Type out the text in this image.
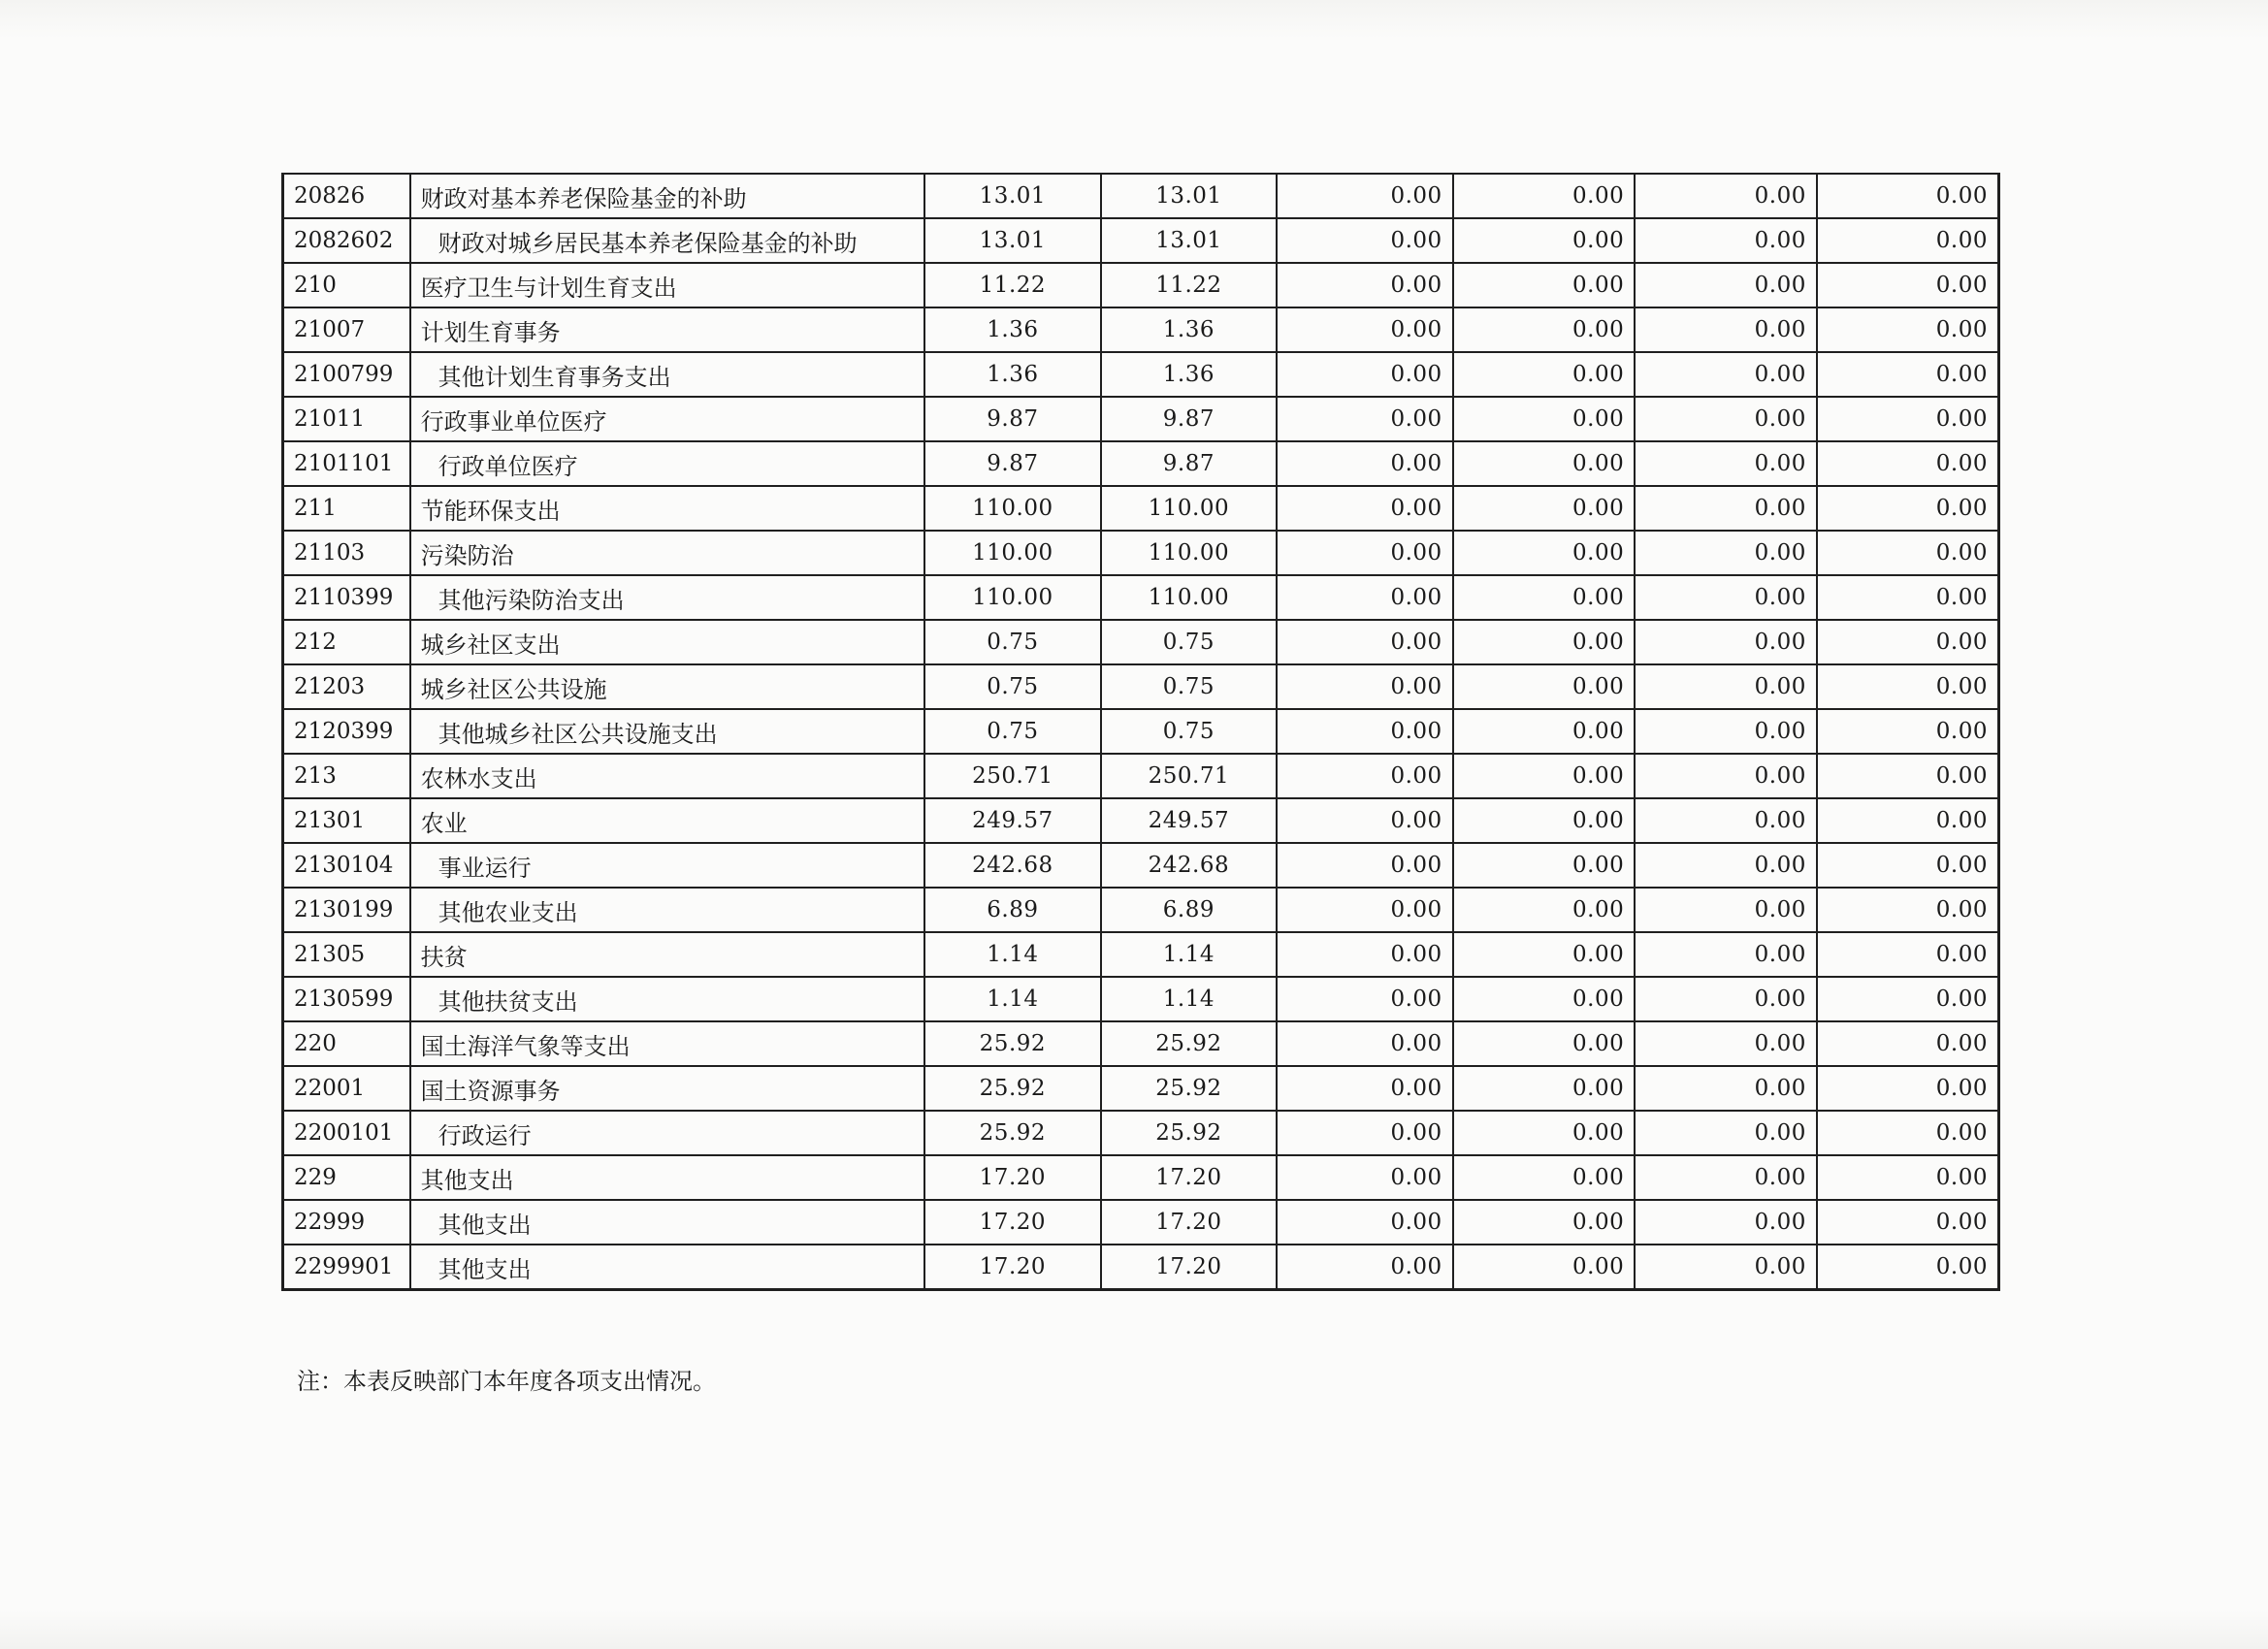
20826	财政对基本养老保险基金的补助	13.01	13.01	0.00	0.00	0.00	0.00
2082602	财政对城乡居民基本养老保险基金的补助	13.01	13.01	0.00	0.00	0.00	0.00
210	医疗卫生与计划生育支出	11.22	11.22	0.00	0.00	0.00	0.00
21007	计划生育事务	1.36	1.36	0.00	0.00	0.00	0.00
2100799	其他计划生育事务支出	1.36	1.36	0.00	0.00	0.00	0.00
21011	行政事业单位医疗	9.87	9.87	0.00	0.00	0.00	0.00
2101101	行政单位医疗	9.87	9.87	0.00	0.00	0.00	0.00
211	节能环保支出	110.00	110.00	0.00	0.00	0.00	0.00
21103	污染防治	110.00	110.00	0.00	0.00	0.00	0.00
2110399	其他污染防治支出	110.00	110.00	0.00	0.00	0.00	0.00
212	城乡社区支出	0.75	0.75	0.00	0.00	0.00	0.00
21203	城乡社区公共设施	0.75	0.75	0.00	0.00	0.00	0.00
2120399	其他城乡社区公共设施支出	0.75	0.75	0.00	0.00	0.00	0.00
213	农林水支出	250.71	250.71	0.00	0.00	0.00	0.00
21301	农业	249.57	249.57	0.00	0.00	0.00	0.00
2130104	事业运行	242.68	242.68	0.00	0.00	0.00	0.00
2130199	其他农业支出	6.89	6.89	0.00	0.00	0.00	0.00
21305	扶贫	1.14	1.14	0.00	0.00	0.00	0.00
2130599	其他扶贫支出	1.14	1.14	0.00	0.00	0.00	0.00
220	国土海洋气象等支出	25.92	25.92	0.00	0.00	0.00	0.00
22001	国土资源事务	25.92	25.92	0.00	0.00	0.00	0.00
2200101	行政运行	25.92	25.92	0.00	0.00	0.00	0.00
229	其他支出	17.20	17.20	0.00	0.00	0.00	0.00
22999	其他支出	17.20	17.20	0.00	0.00	0.00	0.00
2299901	其他支出	17.20	17.20	0.00	0.00	0.00	0.00
注：本表反映部门本年度各项支出情况。
